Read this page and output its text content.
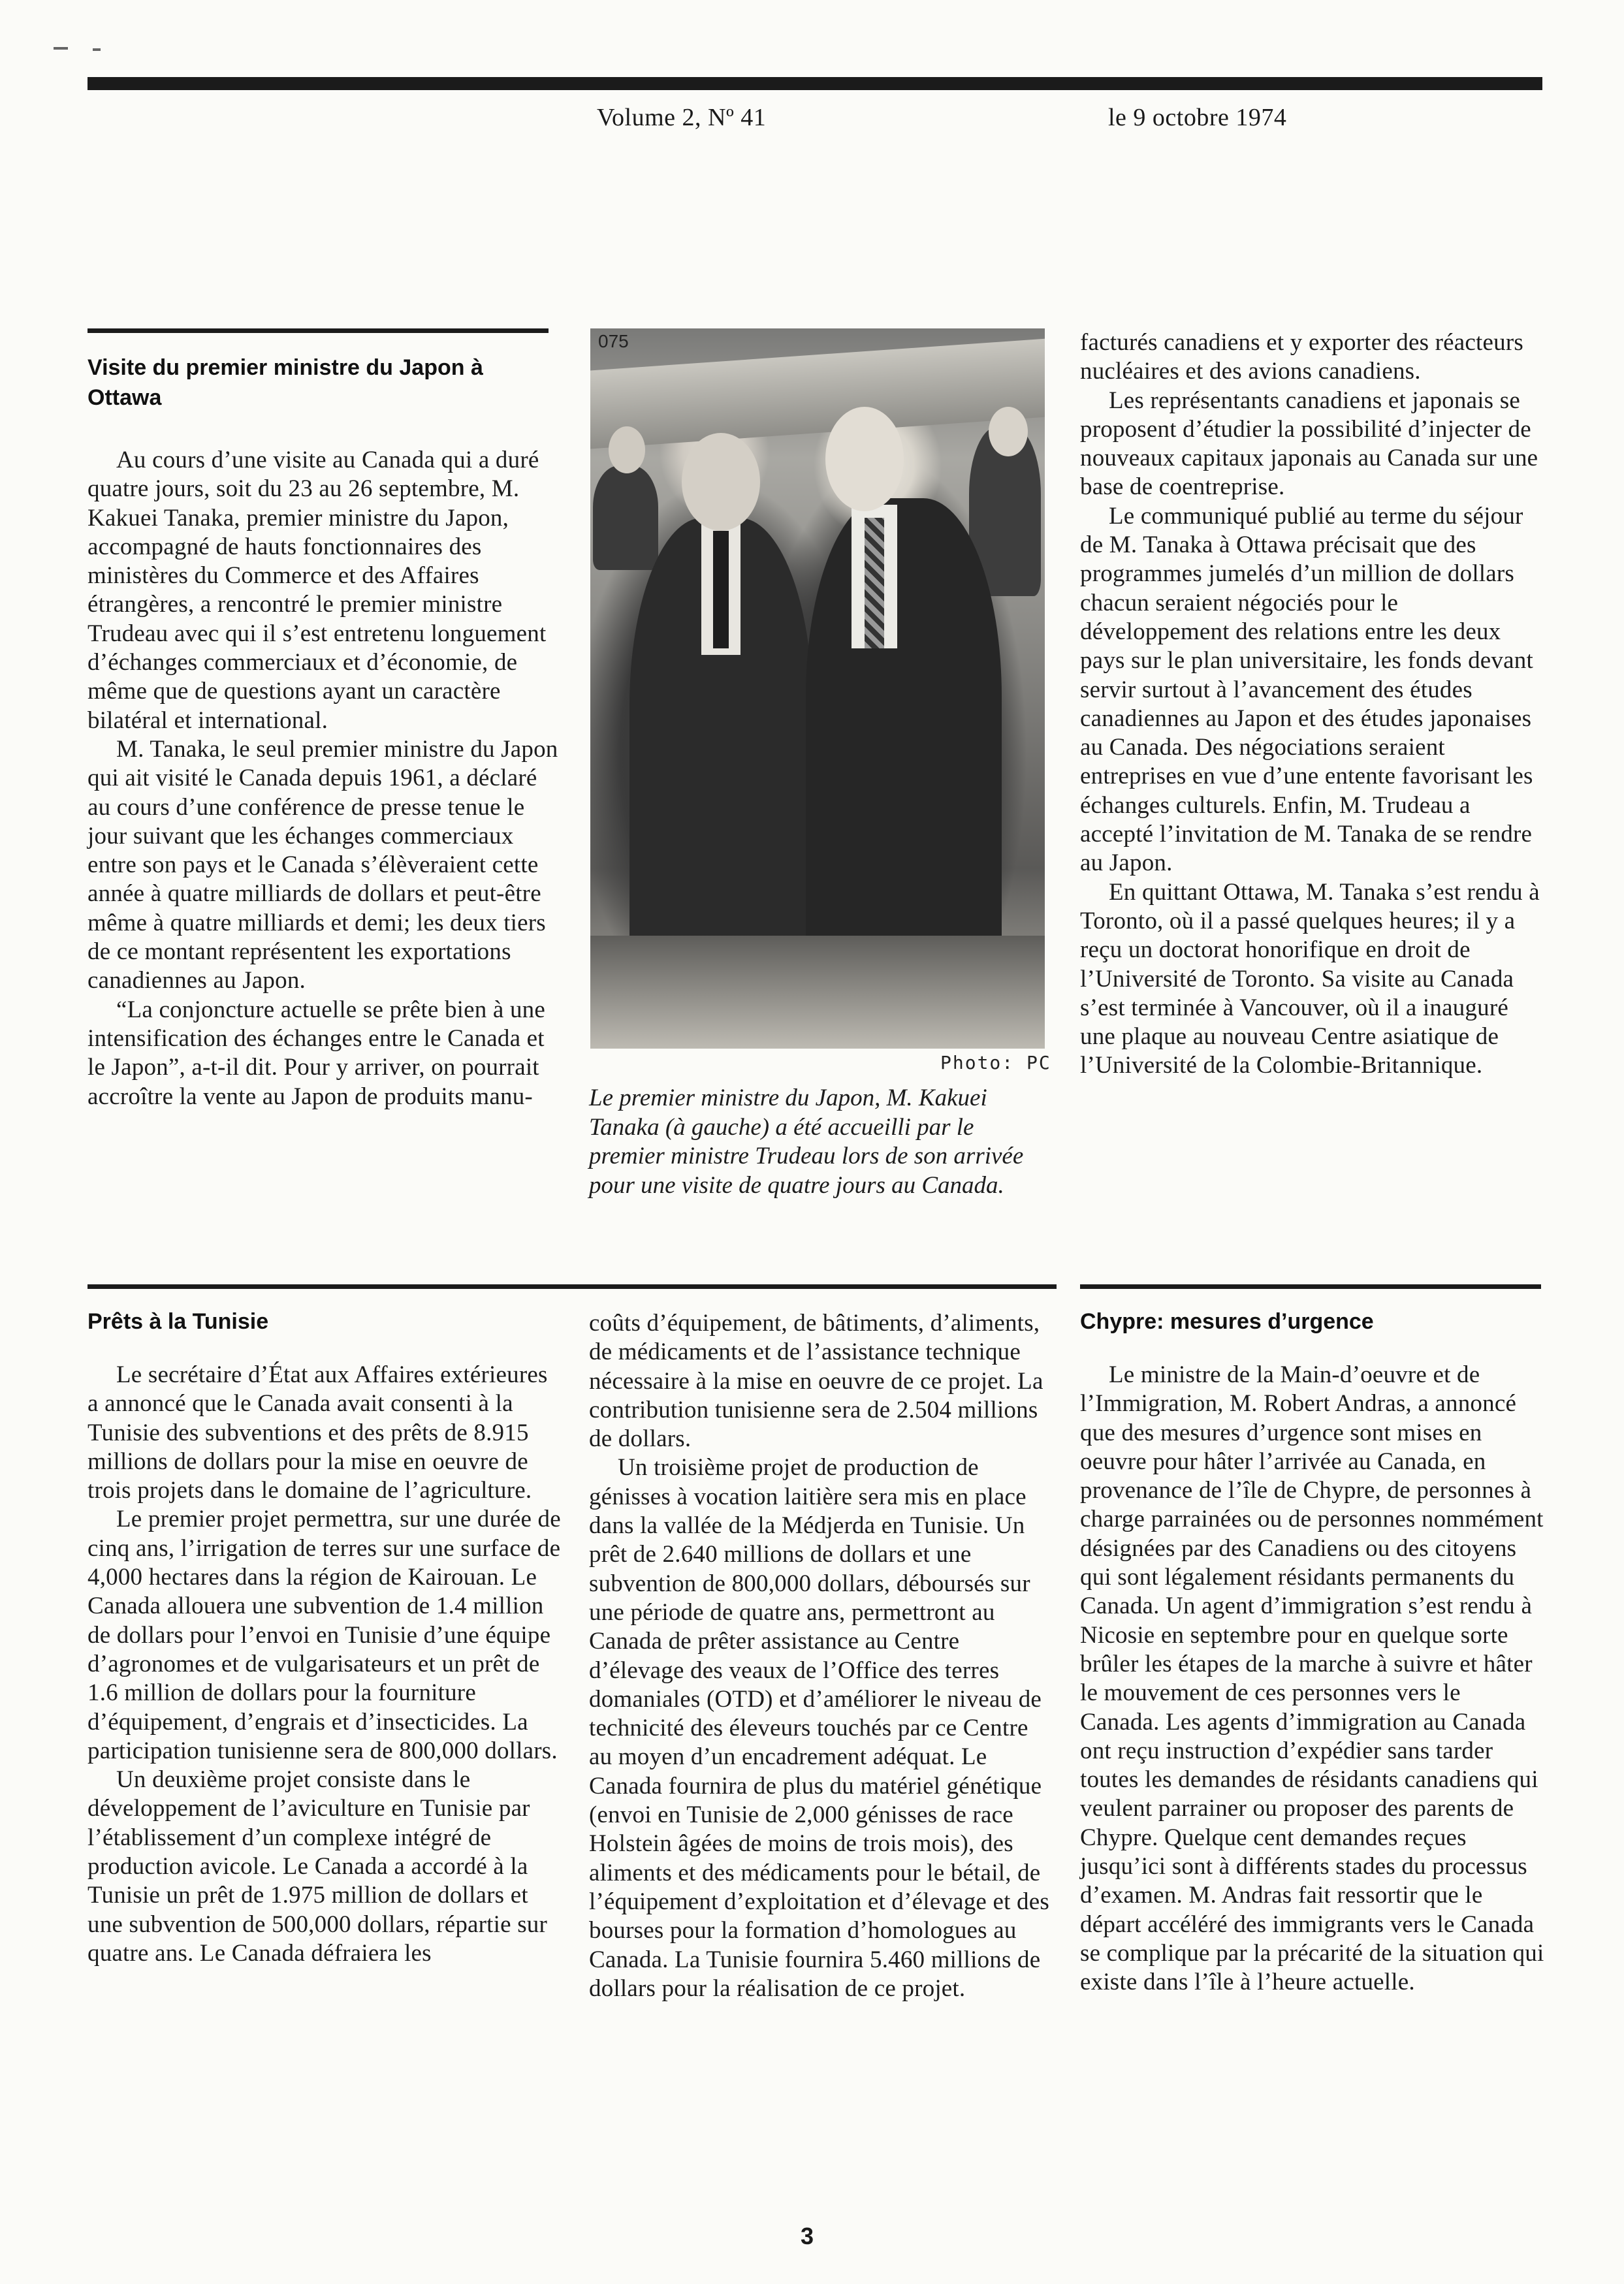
Volume 2, Nº 41	le 9 octobre 1974
Visite du premier ministre du Japon à Ottawa

Au cours d’une visite au Canada qui a duré quatre jours, soit du 23 au 26 septembre, M. Kakuei Tanaka, premier ministre du Japon, accompagné de hauts fonctionnaires des ministères du Commerce et des Affaires étrangères, a rencontré le premier ministre Trudeau avec qui il s’est entretenu longuement d’échanges commerciaux et d’économie, de même que de questions ayant un caractère bilatéral et international.

M. Tanaka, le seul premier ministre du Japon qui ait visité le Canada depuis 1961, a déclaré au cours d’une conférence de presse tenue le jour suivant que les échanges commerciaux entre son pays et le Canada s’élèveraient cette année à quatre milliards de dollars et peut-être même à quatre milliards et demi; les deux tiers de ce montant représentent les exportations canadiennes au Japon.

“La conjoncture actuelle se prête bien à une intensification des échanges entre le Canada et le Japon”, a-t-il dit. Pour y arriver, on pourrait accroître la vente au Japon de produits manu-

075
Photo: PC
Le premier ministre du Japon, M. Kakuei Tanaka (à gauche) a été accueilli par le premier ministre Trudeau lors de son arrivée pour une visite de quatre jours au Canada.

facturés canadiens et y exporter des réacteurs nucléaires et des avions canadiens.

Les représentants canadiens et japonais se proposent d’étudier la possibilité d’injecter de nouveaux capitaux japonais au Canada sur une base de coentreprise.

Le communiqué publié au terme du séjour de M. Tanaka à Ottawa précisait que des programmes jumelés d’un million de dollars chacun seraient négociés pour le développement des relations entre les deux pays sur le plan universitaire, les fonds devant servir surtout à l’avancement des études canadiennes au Japon et des études japonaises au Canada. Des négociations seraient entreprises en vue d’une entente favorisant les échanges culturels. Enfin, M. Trudeau a accepté l’invitation de M. Tanaka de se rendre au Japon.

En quittant Ottawa, M. Tanaka s’est rendu à Toronto, où il a passé quelques heures; il y a reçu un doctorat honorifique en droit de l’Université de Toronto. Sa visite au Canada s’est terminée à Vancouver, où il a inauguré une plaque au nouveau Centre asiatique de l’Université de la Colombie-Britannique.

Prêts à la Tunisie

Le secrétaire d’État aux Affaires extérieures a annoncé que le Canada avait consenti à la Tunisie des subventions et des prêts de 8.915 millions de dollars pour la mise en oeuvre de trois projets dans le domaine de l’agriculture.

Le premier projet permettra, sur une durée de cinq ans, l’irrigation de terres sur une surface de 4,000 hectares dans la région de Kairouan. Le Canada allouera une subvention de 1.4 million de dollars pour l’envoi en Tunisie d’une équipe d’agronomes et de vulgarisateurs et un prêt de 1.6 million de dollars pour la fourniture d’équipement, d’engrais et d’insecticides. La participation tunisienne sera de 800,000 dollars.

Un deuxième projet consiste dans le développement de l’aviculture en Tunisie par l’établissement d’un complexe intégré de production avicole. Le Canada a accordé à la Tunisie un prêt de 1.975 million de dollars et une subvention de 500,000 dollars, répartie sur quatre ans. Le Canada défraiera les

coûts d’équipement, de bâtiments, d’aliments, de médicaments et de l’assistance technique nécessaire à la mise en oeuvre de ce projet. La contribution tunisienne sera de 2.504 millions de dollars.

Un troisième projet de production de génisses à vocation laitière sera mis en place dans la vallée de la Médjerda en Tunisie. Un prêt de 2.640 millions de dollars et une subvention de 800,000 dollars, déboursés sur une période de quatre ans, permettront au Canada de prêter assistance au Centre d’élevage des veaux de l’Office des terres domaniales (OTD) et d’améliorer le niveau de technicité des éleveurs touchés par ce Centre au moyen d’un encadrement adéquat. Le Canada fournira de plus du matériel génétique (envoi en Tunisie de 2,000 génisses de race Holstein âgées de moins de trois mois), des aliments et des médicaments pour le bétail, de l’équipement d’exploitation et d’élevage et des bourses pour la formation d’homologues au Canada. La Tunisie fournira 5.460 millions de dollars pour la réalisation de ce projet.

Chypre: mesures d’urgence

Le ministre de la Main-d’oeuvre et de l’Immigration, M. Robert Andras, a annoncé que des mesures d’urgence sont mises en oeuvre pour hâter l’arrivée au Canada, en provenance de l’île de Chypre, de personnes à charge parrainées ou de personnes nommément désignées par des Canadiens ou des citoyens qui sont légalement résidants permanents du Canada. Un agent d’immigration s’est rendu à Nicosie en septembre pour en quelque sorte brûler les étapes de la marche à suivre et hâter le mouvement de ces personnes vers le Canada. Les agents d’immigration au Canada ont reçu instruction d’expédier sans tarder toutes les demandes de résidants canadiens qui veulent parrainer ou proposer des parents de Chypre. Quelque cent demandes reçues jusqu’ici sont à différents stades du processus d’examen. M. Andras fait ressortir que le départ accéléré des immigrants vers le Canada se complique par la précarité de la situation qui existe dans l’île à l’heure actuelle.

3
